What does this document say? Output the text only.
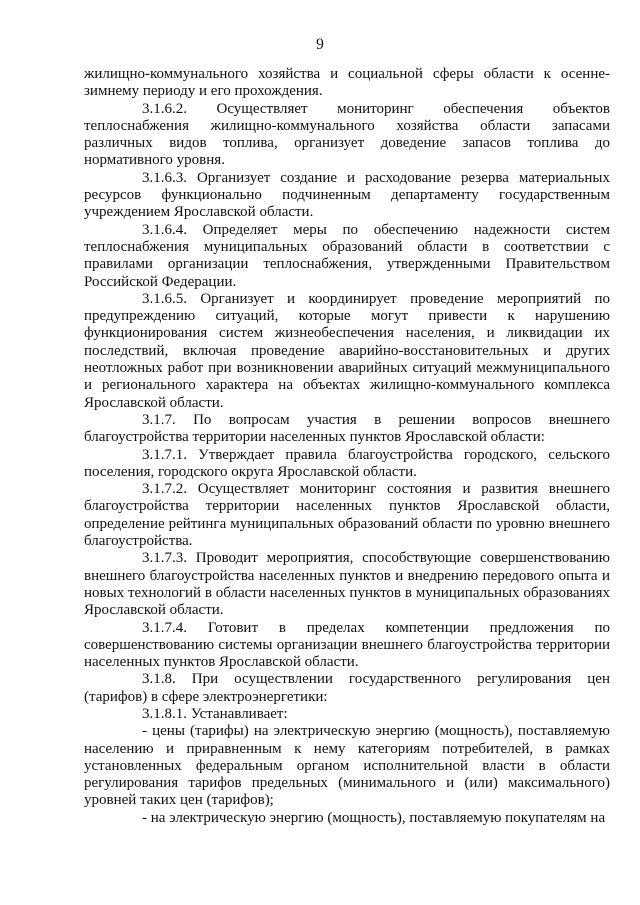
9

жилищно-коммунального хозяйства и социальной сферы области к осенне-зимнему периоду и его прохождения.

3.1.6.2. Осуществляет мониторинг обеспечения объектов теплоснабжения жилищно-коммунального хозяйства области запасами различных видов топлива, организует доведение запасов топлива до нормативного уровня.

3.1.6.3. Организует создание и расходование резерва материальных ресурсов функционально подчиненным департаменту государственным учреждением Ярославской области.

3.1.6.4. Определяет меры по обеспечению надежности систем теплоснабжения муниципальных образований области в соответствии с правилами организации теплоснабжения, утвержденными Правительством Российской Федерации.

3.1.6.5. Организует и координирует проведение мероприятий по предупреждению ситуаций, которые могут привести к нарушению функционирования систем жизнеобеспечения населения, и ликвидации их последствий, включая проведение аварийно-восстановительных и других неотложных работ при возникновении аварийных ситуаций межмуниципального и регионального характера на объектах жилищно-коммунального комплекса Ярославской области.

3.1.7. По вопросам участия в решении вопросов внешнего благоустройства территории населенных пунктов Ярославской области:

3.1.7.1. Утверждает правила благоустройства городского, сельского поселения, городского округа Ярославской области.

3.1.7.2. Осуществляет мониторинг состояния и развития внешнего благоустройства территории населенных пунктов Ярославской области, определение рейтинга муниципальных образований области по уровню внешнего благоустройства.

3.1.7.3. Проводит мероприятия, способствующие совершенствованию внешнего благоустройства населенных пунктов и внедрению передового опыта и новых технологий в области населенных пунктов в муниципальных образованиях Ярославской области.

3.1.7.4. Готовит в пределах компетенции предложения по совершенствованию системы организации внешнего благоустройства территории населенных пунктов Ярославской области.

3.1.8. При осуществлении государственного регулирования цен (тарифов) в сфере электроэнергетики:

3.1.8.1. Устанавливает:

- цены (тарифы) на электрическую энергию (мощность), поставляемую населению и приравненным к нему категориям потребителей, в рамках установленных федеральным органом исполнительной власти в области регулирования тарифов предельных (минимального и (или) максимального) уровней таких цен (тарифов);

- на электрическую энергию (мощность), поставляемую покупателям на
